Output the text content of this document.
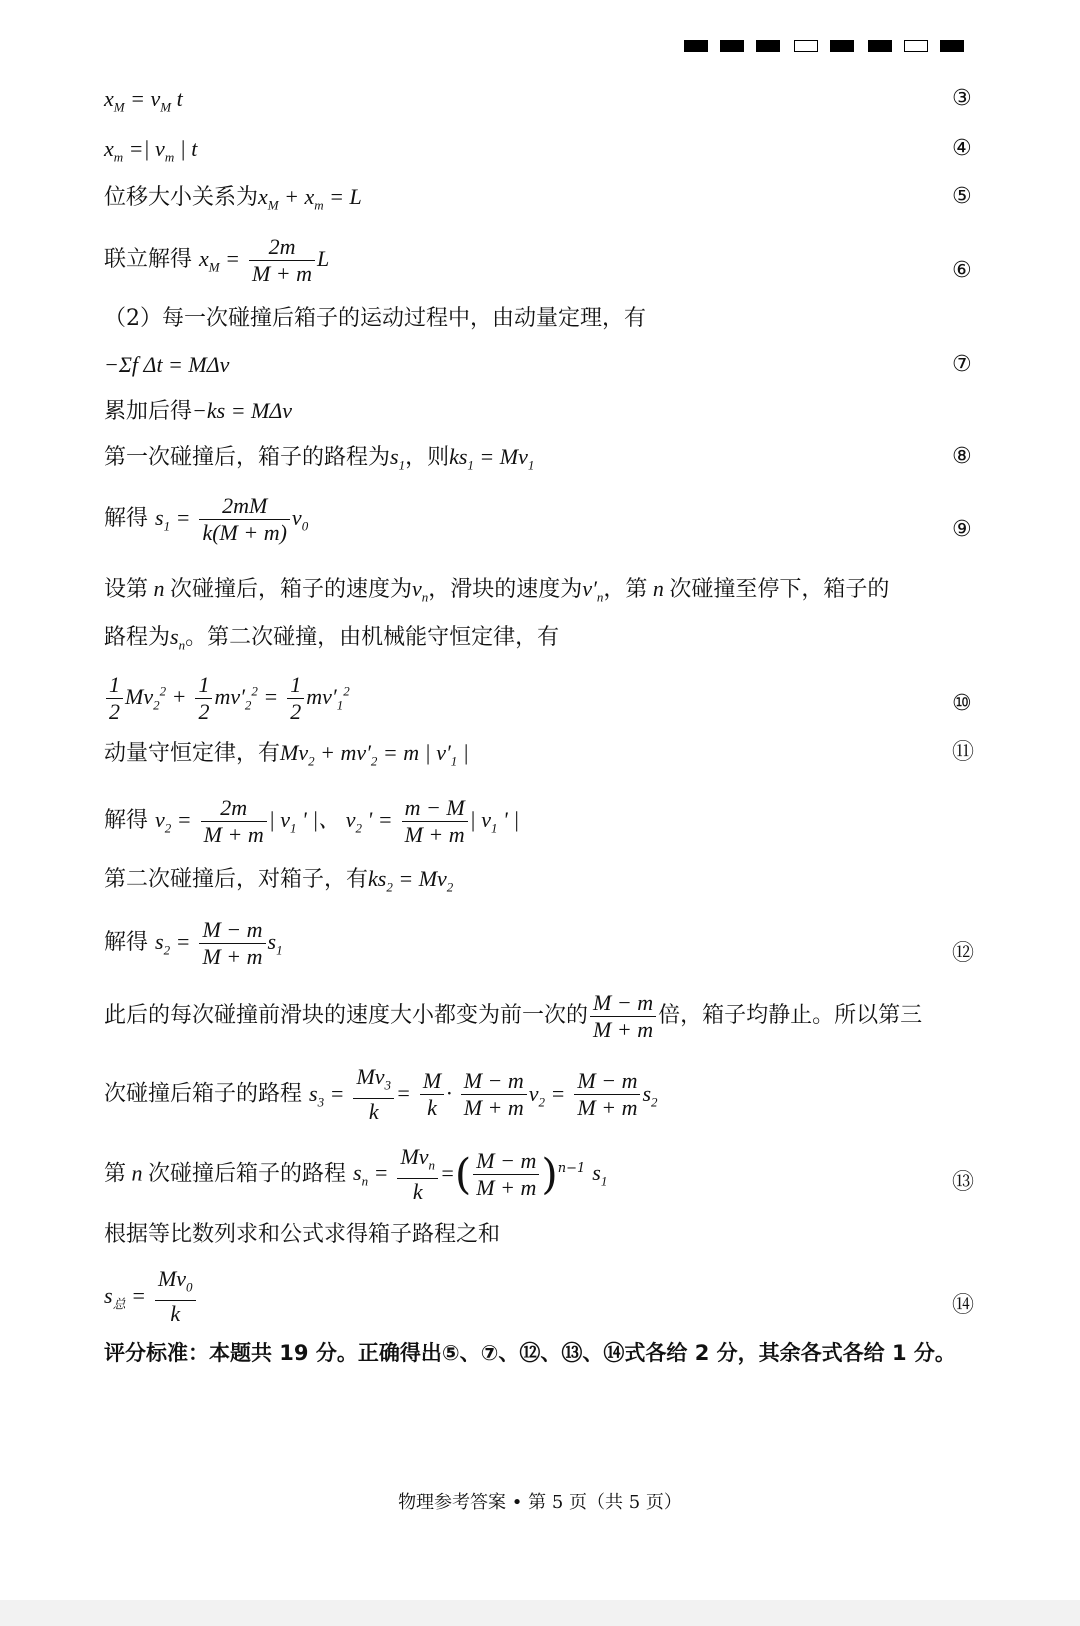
$x_M = v_M$ t	③
$x_m$ =| $v_m$ | t	④
位移大小关系为$x_M + x_m = L$	⑤
联立解得 $x_M = \frac{2m}{M + m}$ L	⑥
（2）每一次碰撞后箱子的运动过程中，由动量定理，有
−Σf Δt = MΔv	⑦
累加后得−ks = MΔv
第一次碰撞后，箱子的路程为$s_1$，则$ks_1 = Mv_1$	⑧
解得 $s_1 = \frac{2mM}{k(M + m)} v_0$	⑨
设第 n 次碰撞后，箱子的速度为$v_n$，滑块的速度为$v'_n$，第 n 次碰撞至停下，箱子的
路程为$s_n$。第二次碰撞，由机械能守恒定律，有
$\frac{1}{2} Mv_2^2 + \frac{1}{2} mv'_2^2 = \frac{1}{2} mv'_1^2$	⑩
动量守恒定律，有$Mv_2 + mv'_2 = m$ | $v'_1$ |	⑪
解得 $v_2 = \frac{2m}{M + m}$ | $v_1$ ' |、 $v_2$ ' = $\frac{m - M}{M + m}$ | $v_1$ ' |
第二次碰撞后，对箱子，有$ks_2 = Mv_2$
解得 $s_2 = \frac{M - m}{M + m} s_1$	⑫
此后的每次碰撞前滑块的速度大小都变为前一次的 $\frac{M - m}{M + m}$ 倍，箱子均静止。所以第三
次碰撞后箱子的路程 $s_3 = \frac{Mv_3}{k} = \frac{M}{k} \cdot \frac{M - m}{M + m} v_2 = \frac{M - m}{M + m} s_2$
第 n 次碰撞后箱子的路程 $s_n = \frac{Mv_n}{k}$ =( $\frac{M - m}{M + m} )^{n-1}$ $s_1$	⑬
根据等比数列求和公式求得箱子路程之和
$s_总 = \frac{Mv_0}{k}$	⑭
评分标准：本题共 19 分。正确得出⑤、⑦、⑫、⑬、⑭式各给 2 分，其余各式各给 1 分。
物理参考答案 • 第 5 页（共 5 页）
